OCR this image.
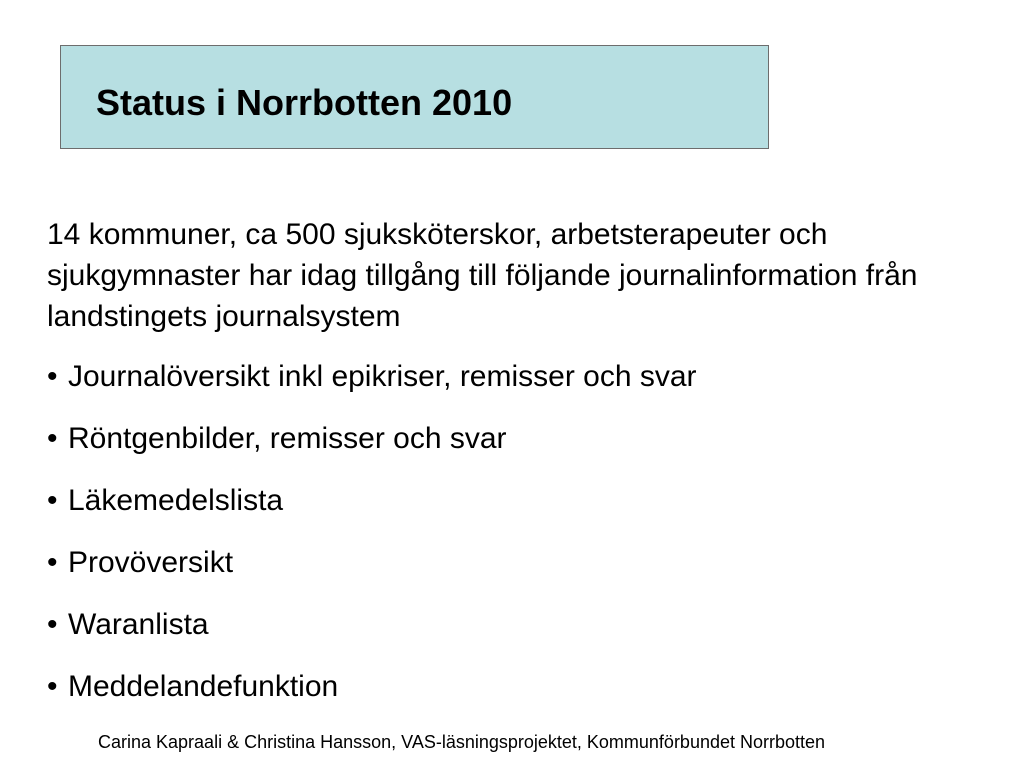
Status i Norrbotten 2010

14 kommuner, ca 500 sjuksköterskor, arbetsterapeuter och sjukgymnaster har idag tillgång till följande journalinformation från landstingets journalsystem

• Journalöversikt inkl epikriser, remisser och svar
• Röntgenbilder, remisser och svar
• Läkemedelslista
• Provöversikt
• Waranlista
• Meddelandefunktion

Carina Kapraali & Christina Hansson, VAS-läsningsprojektet, Kommunförbundet Norrbotten
